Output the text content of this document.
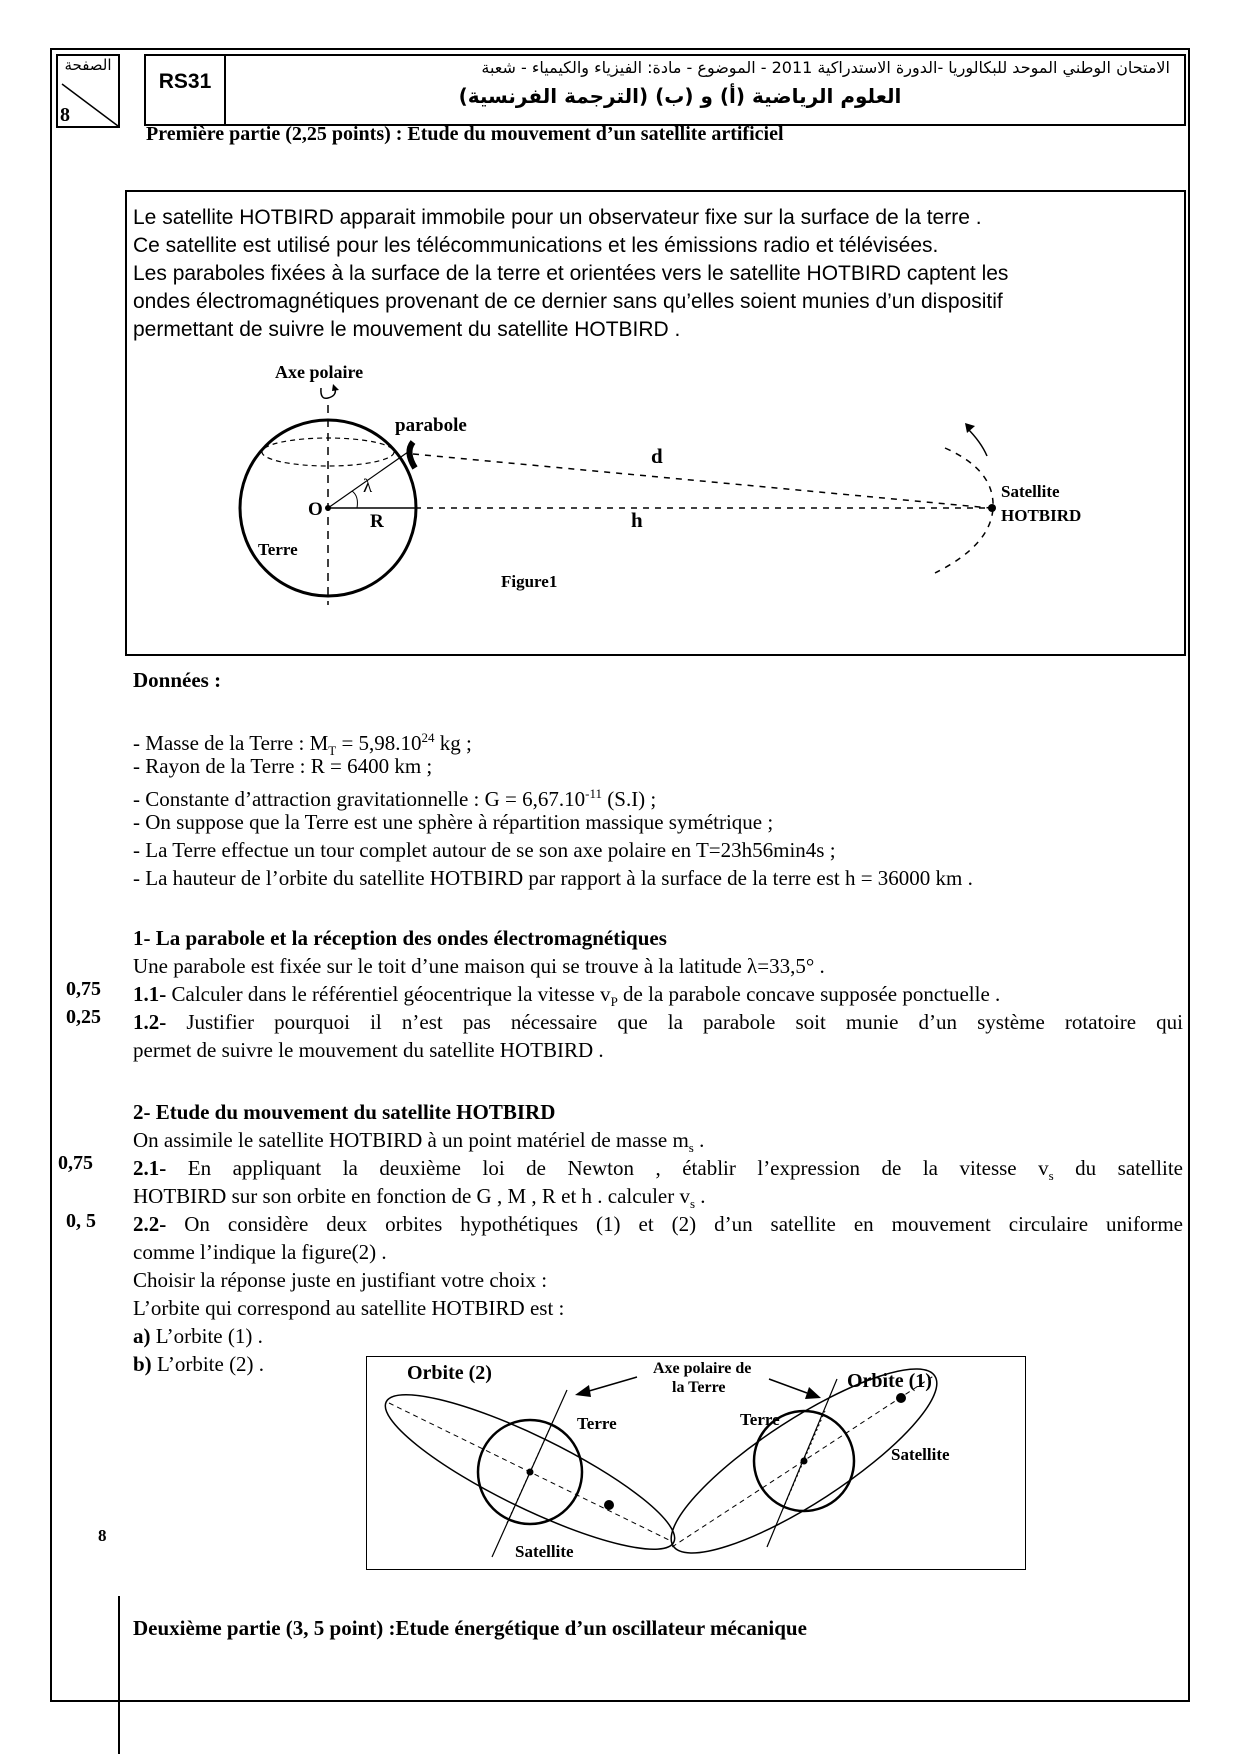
الصفحة
8
RS31
الامتحان الوطني الموحد للبكالوريا -الدورة الاستدراكية 2011 - الموضوع - مادة: الفيزياء والكيمياء - شعبة
العلوم الرياضية (أ) و (ب) (الترجمة الفرنسية)
Première partie (2,25 points) : Etude du mouvement d’un satellite artificiel
Le satellite HOTBIRD apparait immobile pour un observateur fixe sur la surface de la terre .
Ce satellite est utilisé pour les télécommunications et les émissions radio et télévisées.
Les paraboles fixées à la surface de la terre et orientées vers le satellite HOTBIRD captent les
ondes électromagnétiques provenant de ce dernier sans qu’elles soient munies d’un dispositif
permettant de suivre le mouvement du satellite HOTBIRD .
Axe polaire
parabole
λ
O
R
d
h
Terre
Satellite
HOTBIRD
Figure1
Données :
- Masse de la Terre : $M_T = 5,98.10^{24}$ kg ;
- Rayon de la Terre : R = 6400 km ;
- Constante d’attraction gravitationnelle : $G = 6,67.10^{-11}$ (S.I) ;
- On suppose que la Terre est une sphère à répartition massique symétrique ;
- La Terre effectue un tour complet autour de se son axe polaire en T=23h56min4s ;
- La hauteur de l’orbite du satellite HOTBIRD par rapport à la surface de la terre est h = 36000 km .
1- La parabole et la réception des ondes électromagnétiques
Une parabole est fixée sur le toit d’une maison qui se trouve à la latitude λ=33,5° .
0,75 1.1- Calculer dans le référentiel géocentrique la vitesse $v_P$ de la parabole concave supposée ponctuelle .
0,25 1.2- Justifier pourquoi il n’est pas nécessaire que la parabole soit munie d’un système rotatoire qui
permet de suivre le mouvement du satellite HOTBIRD .
2- Etude du mouvement du satellite HOTBIRD
On assimile le satellite HOTBIRD à un point matériel de masse $m_s$ .
0,75 2.1- En appliquant la deuxième loi de Newton , établir l’expression de la vitesse $v_s$ du satellite
HOTBIRD sur son orbite en fonction de G , M , R et h . calculer $v_s$ .
0, 5 2.2- On considère deux orbites hypothétiques (1) et (2) d’un satellite en mouvement circulaire uniforme
comme l’indique la figure(2) .
Choisir la réponse juste en justifiant votre choix :
L’orbite qui correspond au satellite HOTBIRD est :
a) L’orbite (1) .
b) L’orbite (2) .	Orbite (2)
Terre
Satellite
Axe polaire de
la Terre	Orbite (1)
Terre
Satellite
8
Deuxième partie (3, 5 point) :Etude énergétique d’un oscillateur mécanique
